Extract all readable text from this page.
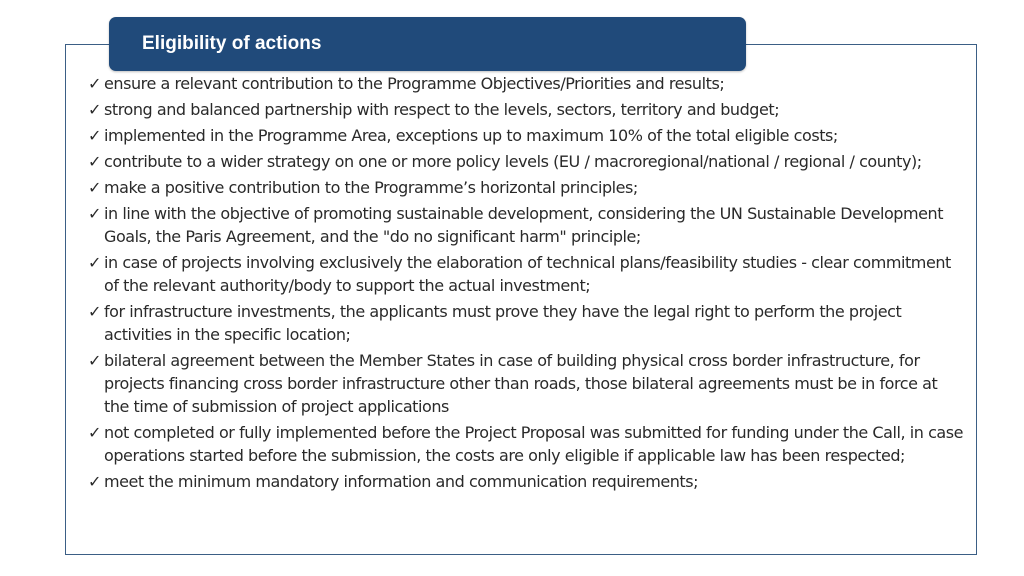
Eligibility of actions
✓ ensure a relevant contribution to the Programme Objectives/Priorities and results;
✓ strong and balanced partnership with respect to the levels, sectors, territory and budget;
✓ implemented in the Programme Area, exceptions up to maximum 10% of the total eligible costs;
✓ contribute to a wider strategy on one or more policy levels (EU / macroregional/national / regional / county);
✓ make a positive contribution to the Programme’s horizontal principles;
✓ in line with the objective of promoting sustainable development, considering the UN Sustainable Development Goals, the Paris Agreement, and the "do no significant harm" principle;
✓ in case of projects involving exclusively the elaboration of technical plans/feasibility studies - clear commitment of the relevant authority/body to support the actual investment;
✓ for infrastructure investments, the applicants must prove they have the legal right to perform the project activities in the specific location;
✓ bilateral agreement between the Member States in case of building physical cross border infrastructure, for projects financing cross border infrastructure other than roads, those bilateral agreements must be in force at the time of submission of project applications
✓ not completed or fully implemented before the Project Proposal was submitted for funding under the Call, in case operations started before the submission, the costs are only eligible if applicable law has been respected;
✓ meet the minimum mandatory information and communication requirements;
